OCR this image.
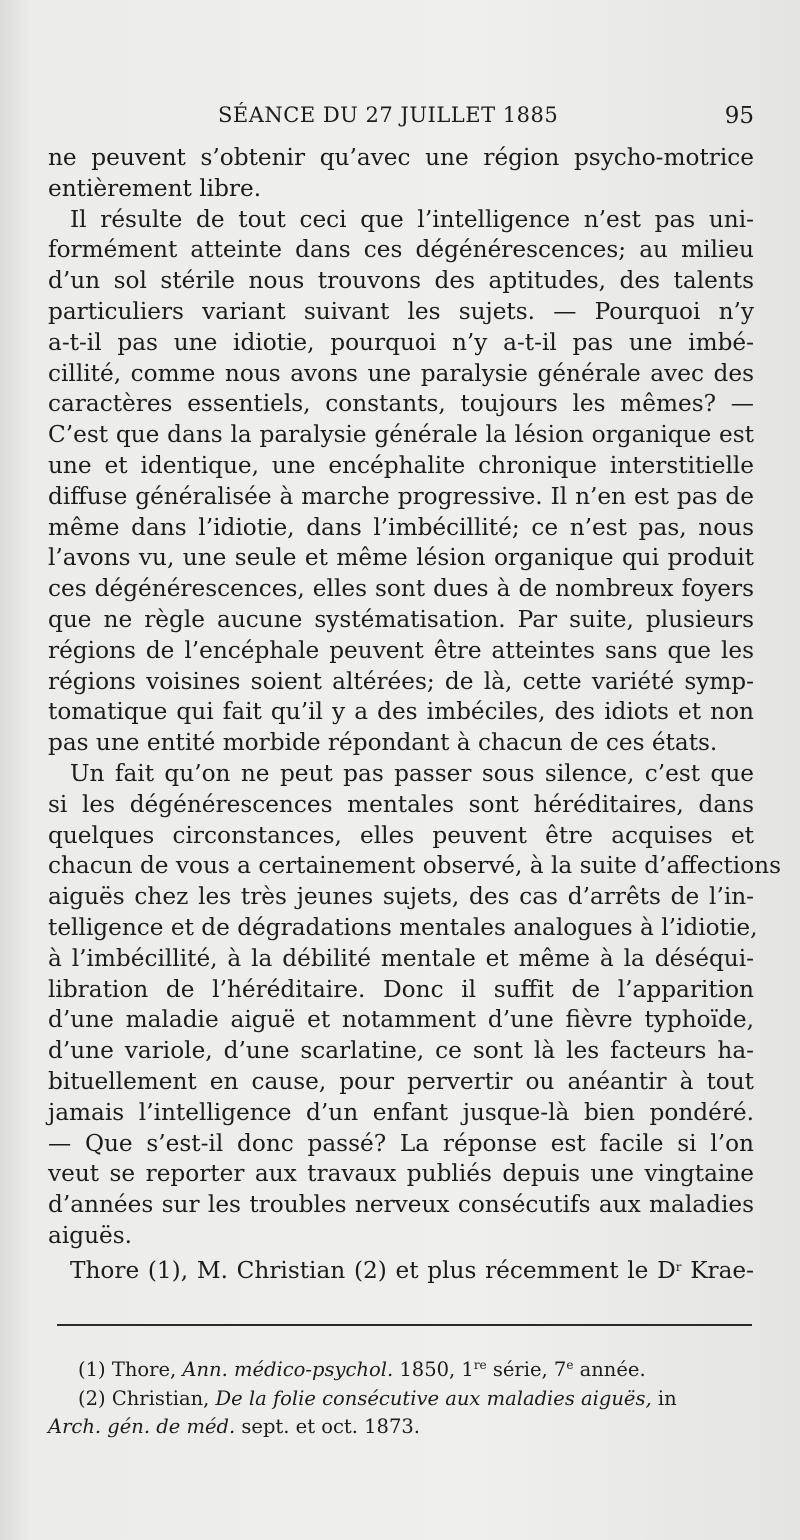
SÉANCE DU 27 JUILLET 1885	95
ne peuvent s’obtenir qu’avec une région psycho-motrice
entièrement libre.
Il résulte de tout ceci que l’intelligence n’est pas uni-
formément atteinte dans ces dégénérescences; au milieu
d’un sol stérile nous trouvons des aptitudes, des talents
particuliers variant suivant les sujets. — Pourquoi n’y
a-t-il pas une idiotie, pourquoi n’y a-t-il pas une imbé-
cillité, comme nous avons une paralysie générale avec des
caractères essentiels, constants, toujours les mêmes? —
C’est que dans la paralysie générale la lésion organique est
une et identique, une encéphalite chronique interstitielle
diffuse généralisée à marche progressive. Il n’en est pas de
même dans l’idiotie, dans l’imbécillité; ce n’est pas, nous
l’avons vu, une seule et même lésion organique qui produit
ces dégénérescences, elles sont dues à de nombreux foyers
que ne règle aucune systématisation. Par suite, plusieurs
régions de l’encéphale peuvent être atteintes sans que les
régions voisines soient altérées; de là, cette variété symp-
tomatique qui fait qu’il y a des imbéciles, des idiots et non
pas une entité morbide répondant à chacun de ces états.
Un fait qu’on ne peut pas passer sous silence, c’est que
si les dégénérescences mentales sont héréditaires, dans
quelques circonstances, elles peuvent être acquises et
chacun de vous a certainement observé, à la suite d’affections
aiguës chez les très jeunes sujets, des cas d’arrêts de l’in-
telligence et de dégradations mentales analogues à l’idiotie,
à l’imbécillité, à la débilité mentale et même à la déséqui-
libration de l’héréditaire. Donc il suffit de l’apparition
d’une maladie aiguë et notamment d’une fièvre typhoïde,
d’une variole, d’une scarlatine, ce sont là les facteurs ha-
bituellement en cause, pour pervertir ou anéantir à tout
jamais l’intelligence d’un enfant jusque-là bien pondéré.
— Que s’est-il donc passé? La réponse est facile si l’on
veut se reporter aux travaux publiés depuis une vingtaine
d’années sur les troubles nerveux consécutifs aux maladies
aiguës.
Thore (1), M. Christian (2) et plus récemment le $D^r$ Krae-
(1) Thore, Ann. médico-psychol. 1850, 1re série, 7e année.
(2) Christian, De la folie consécutive aux maladies aiguës, in
Arch. gén. de méd. sept. et oct. 1873.
